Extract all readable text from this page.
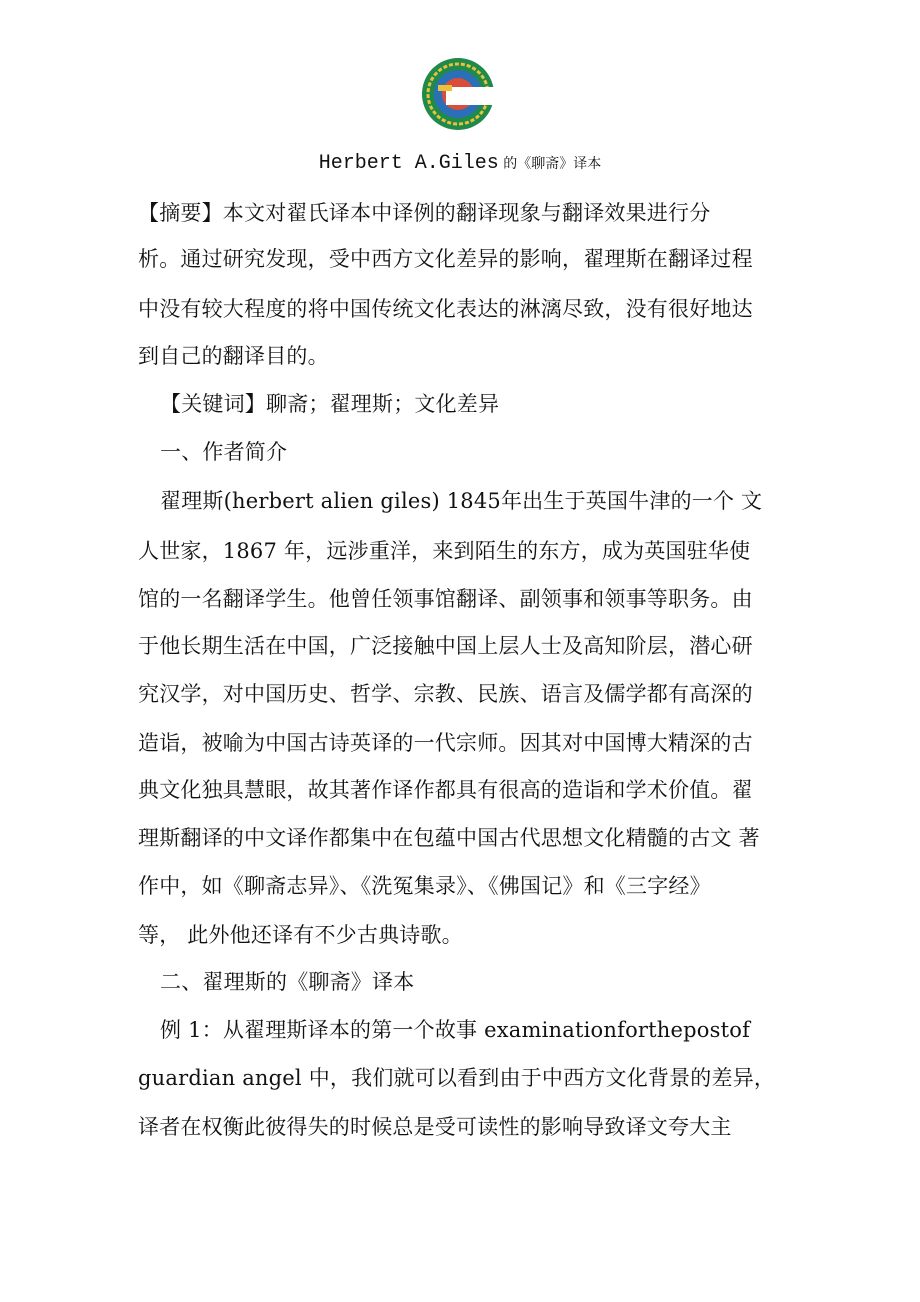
Herbert A.Giles 的《聊斋》译本
【摘要】本文对翟氏译本中译例的翻译现象与翻译效果进行分
析。通过研究发现，受中西方文化差异的影响，翟理斯在翻译过程
中没有较大程度的将中国传统文化表达的淋漓尽致，没有很好地达
到自己的翻译目的。
【关键词】聊斋；翟理斯；文化差异
一、作者简介
翟理斯(herbert alien giles) 1845年出生于英国牛津的一个 文
人世家，1867 年，远涉重洋，来到陌生的东方，成为英国驻华使
馆的一名翻译学生。他曾任领事馆翻译、副领事和领事等职务。由
于他长期生活在中国，广泛接触中国上层人士及高知阶层，潜心研
究汉学，对中国历史、哲学、宗教、民族、语言及儒学都有高深的
造诣，被喻为中国古诗英译的一代宗师。因其对中国博大精深的古
典文化独具慧眼，故其著作译作都具有很高的造诣和学术价值。翟
理斯翻译的中文译作都集中在包蕴中国古代思想文化精髓的古文 著
作中，如《聊斋志异》、《洗冤集录》、《佛国记》和《三字经》
等， 此外他还译有不少古典诗歌。
二、翟理斯的《聊斋》译本
例 1：从翟理斯译本的第一个故事 examinationforthepostof
guardian angel 中，我们就可以看到由于中西方文化背景的差异，
译者在权衡此彼得失的时候总是受可读性的影响导致译文夸大主
